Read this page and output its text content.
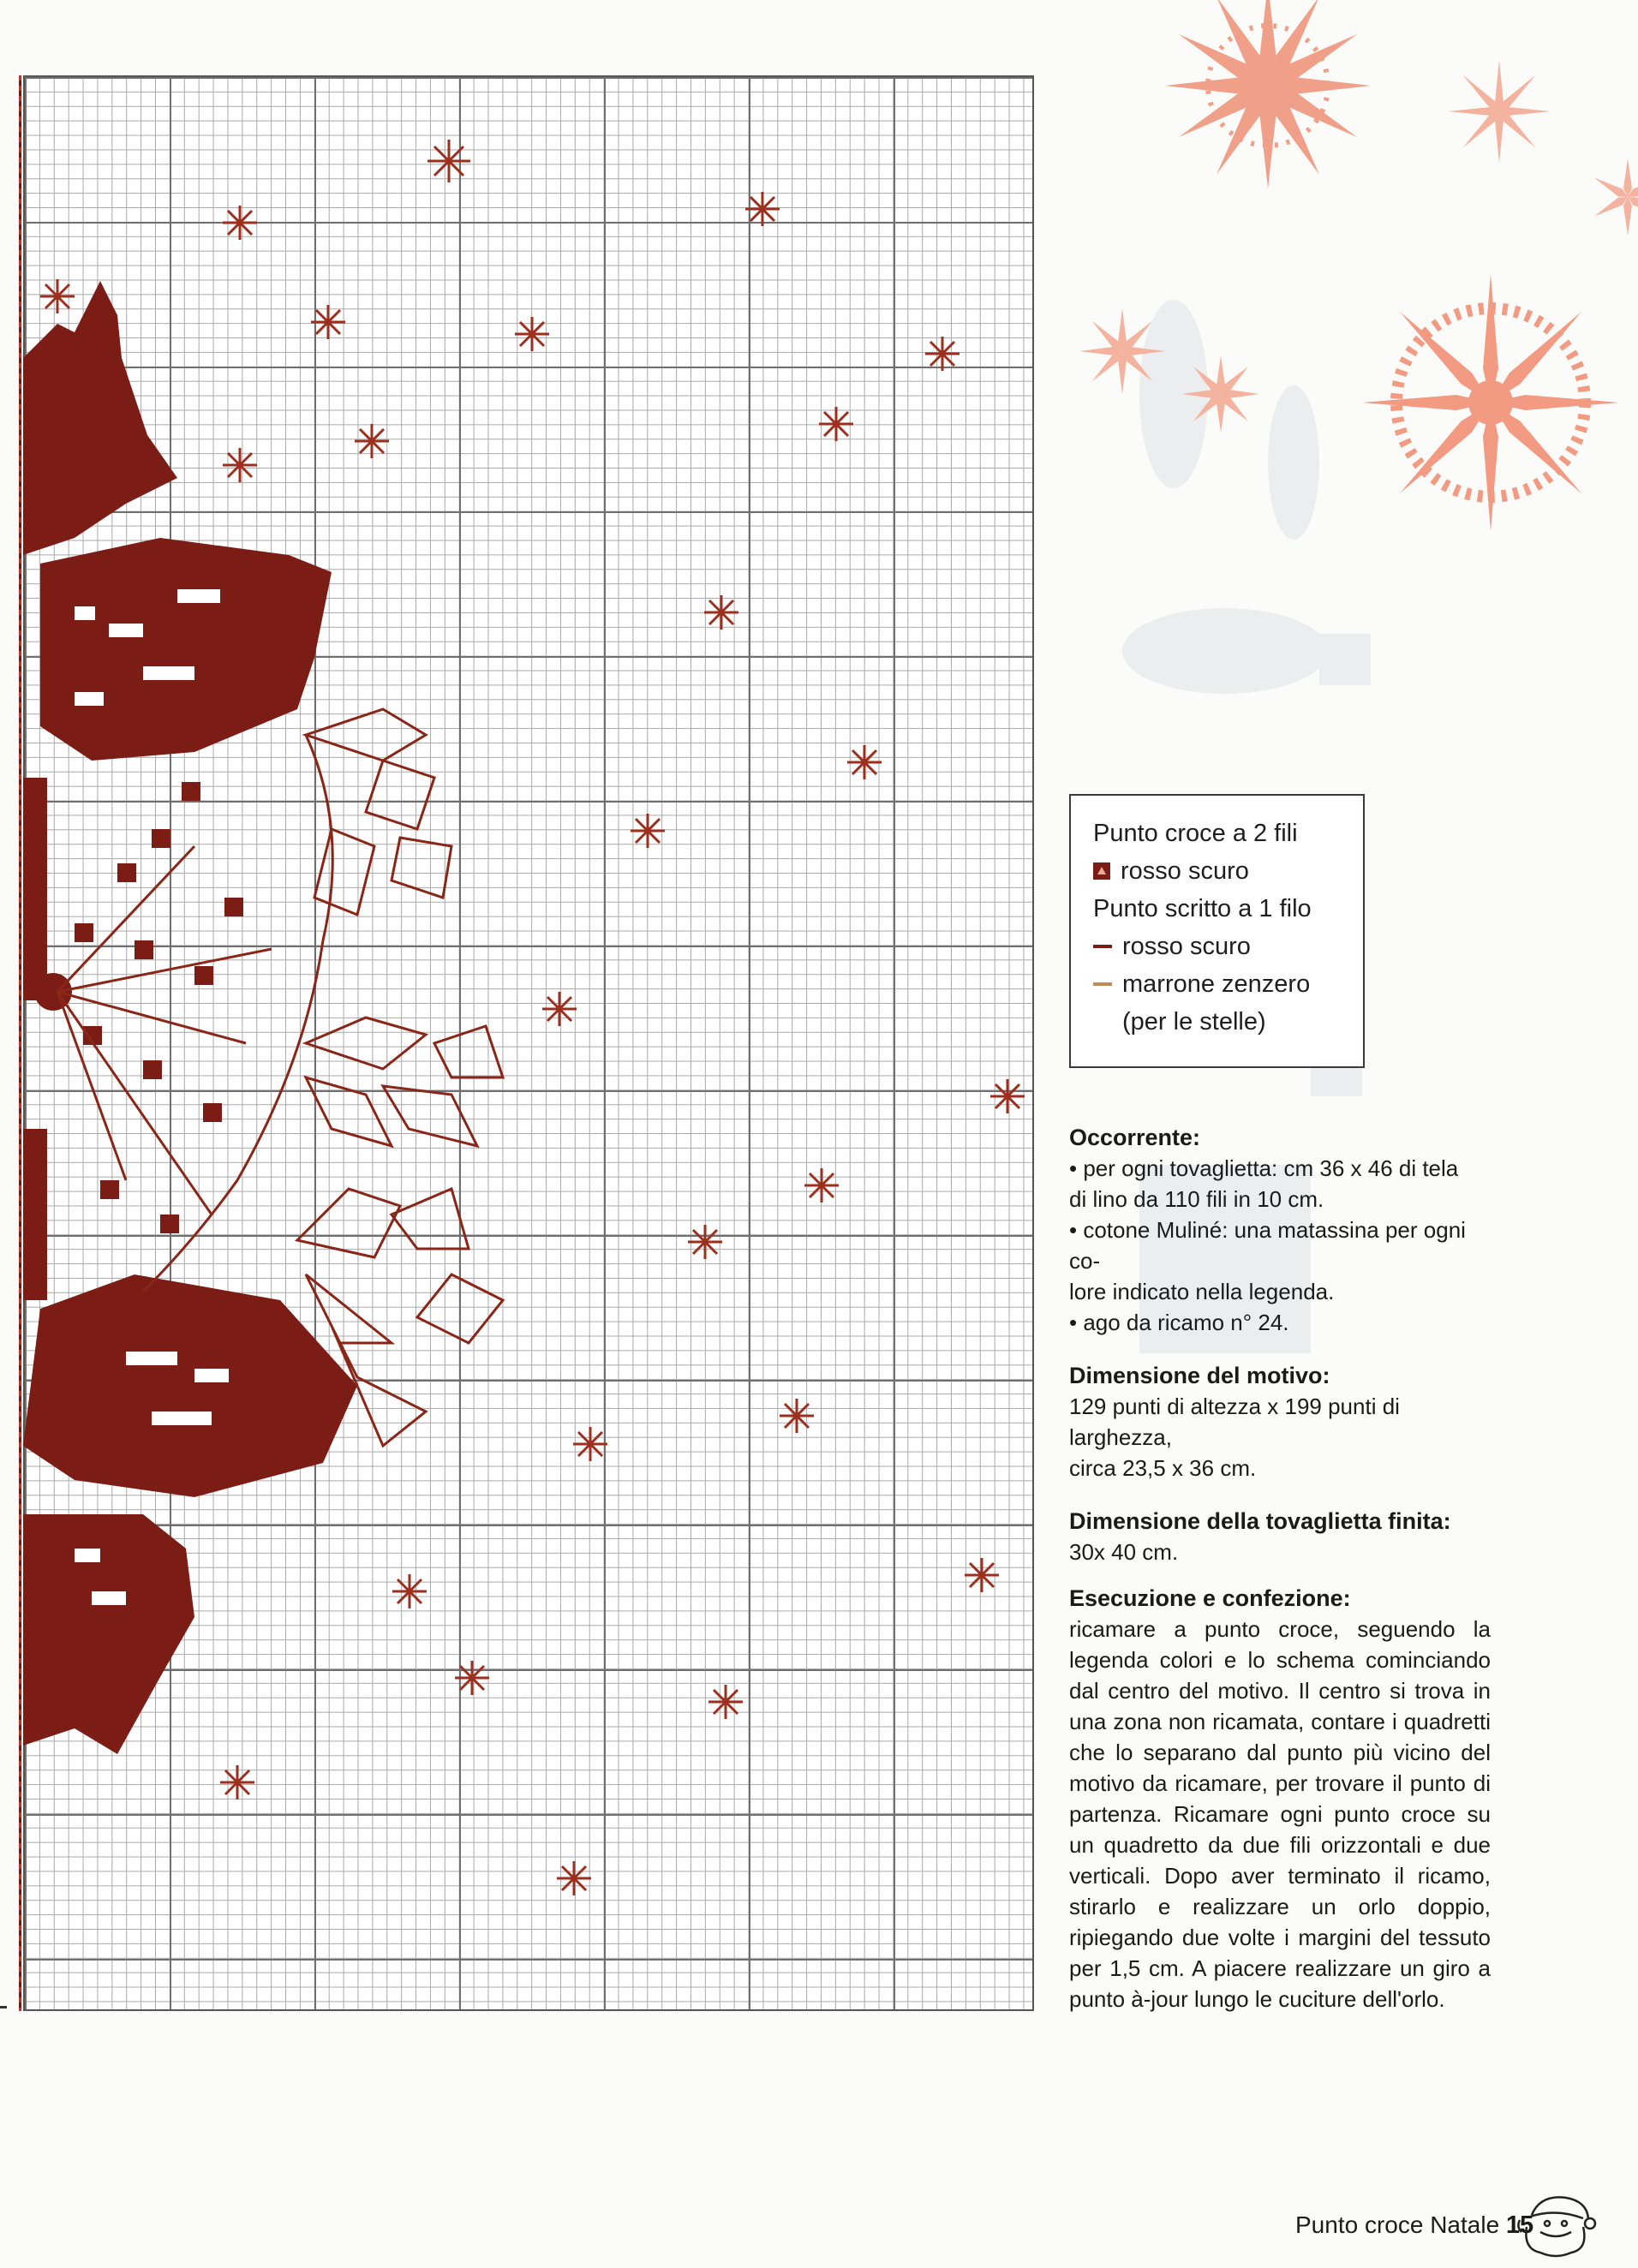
Punto croce a 2 fili
rosso scuro
Punto scritto a 1 filo
rosso scuro
marrone zenzero
(per le stelle)
Occorrente:

• per ogni tovaglietta: cm 36 x 46 di tela

di lino da 110 fili in 10 cm.

• cotone Muliné: una matassina per ogni co-

lore indicato nella legenda.

• ago da ricamo n° 24.

Dimensione del motivo:

129 punti di altezza x 199 punti di larghezza,

circa 23,5 x 36 cm.

Dimensione della tovaglietta finita:

30x 40 cm.

Esecuzione e confezione:

ricamare a punto croce, seguendo la legenda colori e lo schema cominciando dal centro del motivo. Il centro si trova in una zona non ricamata, contare i quadretti che lo separano dal punto più vicino del motivo da ricamare, per trovare il punto di partenza. Ricamare ogni punto croce su un quadretto da due fili orizzontali e due verticali. Dopo aver terminato il ricamo, stirarlo e realizzare un orlo doppio, ripiegando due volte i margini del tessuto per 1,5 cm. A piacere realizzare un giro a punto à-jour lungo le cuciture dell'orlo.

Punto croce Natale 15
